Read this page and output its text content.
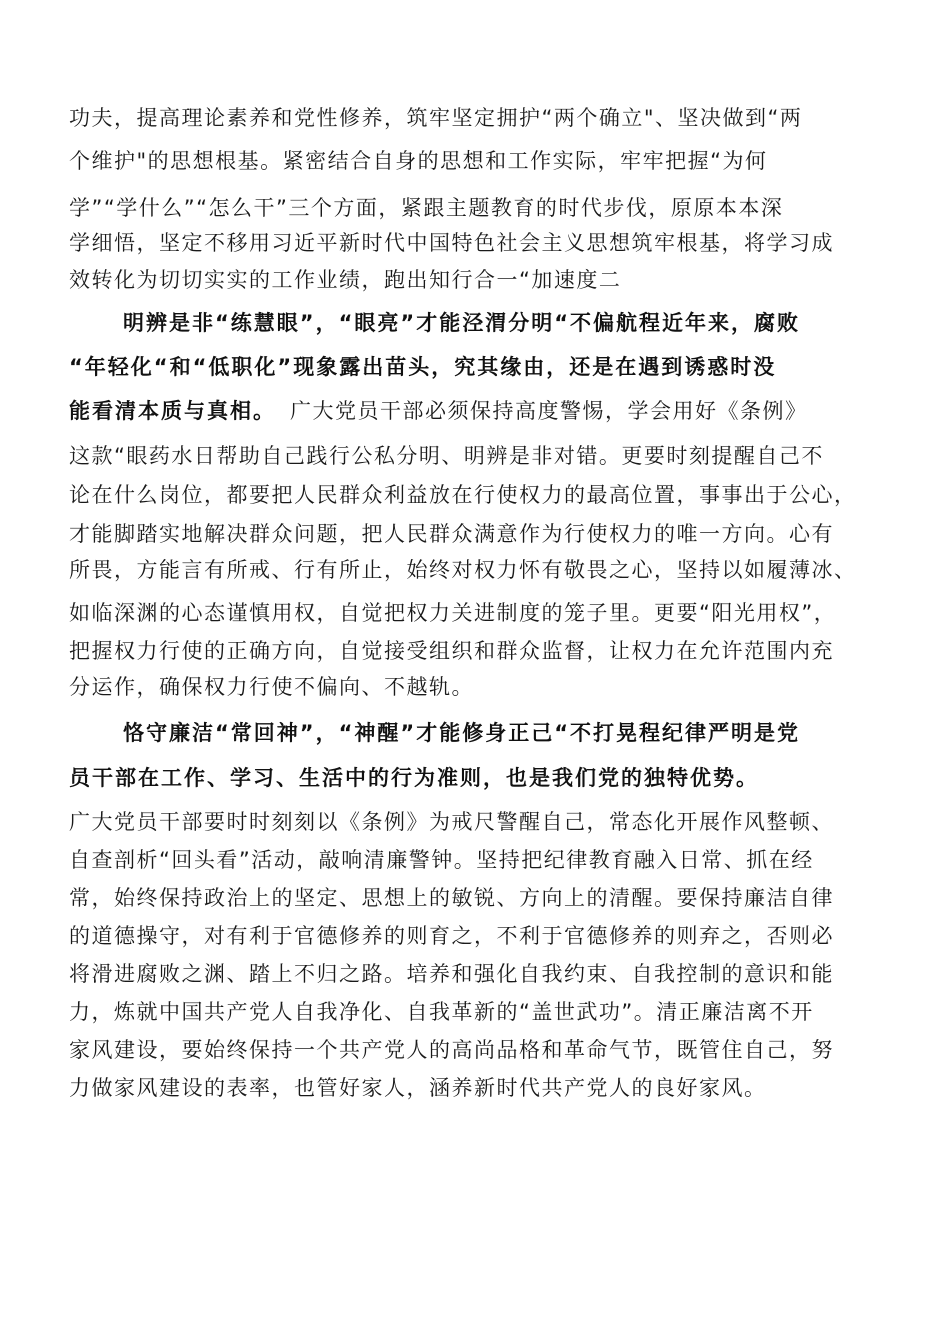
功夫，提高理论素养和党性修养，筑牢坚定拥护“两个确立"、坚决做到“两
个维护"的思想根基。紧密结合自身的思想和工作实际，牢牢把握“为何
学”“学什么”“怎么干”三个方面，紧跟主题教育的时代步伐，原原本本深
学细悟，坚定不移用习近平新时代中国特色社会主义思想筑牢根基，将学习成
效转化为切切实实的工作业绩，跑出知行合一“加速度二
明辨是非“练慧眼”，“眼亮”才能泾渭分明“不偏航程近年来，腐败
“年轻化“和“低职化”现象露出苗头，究其缘由，还是在遇到诱惑时没
能看清本质与真相。 广大党员干部必须保持高度警惕，学会用好《条例》
这款“眼药水日帮助自己践行公私分明、明辨是非对错。更要时刻提醒自己不
论在什么岗位，都要把人民群众利益放在行使权力的最高位置，事事出于公心，
才能脚踏实地解决群众问题，把人民群众满意作为行使权力的唯一方向。心有
所畏，方能言有所戒、行有所止，始终对权力怀有敬畏之心，坚持以如履薄冰、
如临深渊的心态谨慎用权，自觉把权力关进制度的笼子里。更要“阳光用权”，
把握权力行使的正确方向，自觉接受组织和群众监督，让权力在允许范围内充
分运作，确保权力行使不偏向、不越轨。
恪守廉洁“常回神”，“神醒”才能修身正己“不打晃程纪律严明是党
员干部在工作、学习、生活中的行为准则，也是我们党的独特优势。
广大党员干部要时时刻刻以《条例》为戒尺警醒自己，常态化开展作风整顿、
自查剖析“回头看”活动，敲响清廉警钟。坚持把纪律教育融入日常、抓在经
常，始终保持政治上的坚定、思想上的敏锐、方向上的清醒。要保持廉洁自律
的道德操守，对有利于官德修养的则育之，不利于官德修养的则弃之，否则必
将滑进腐败之渊、踏上不归之路。培养和强化自我约束、自我控制的意识和能
力，炼就中国共产党人自我净化、自我革新的“盖世武功”。清正廉洁离不开
家风建设，要始终保持一个共产党人的高尚品格和革命气节，既管住自己，努
力做家风建设的表率，也管好家人，涵养新时代共产党人的良好家风。
